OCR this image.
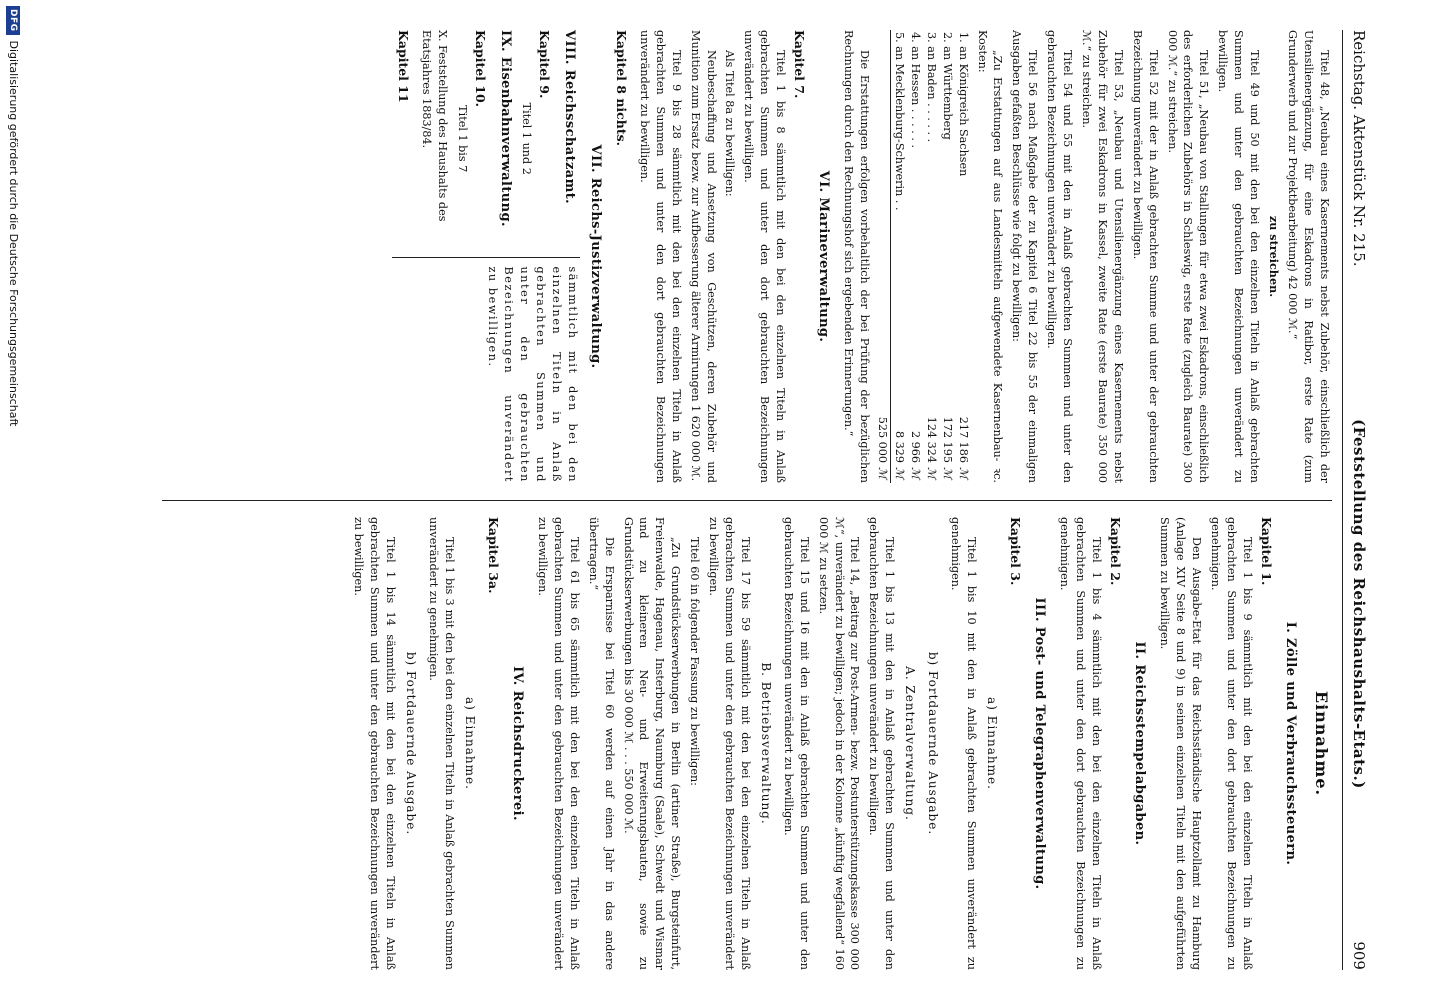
Reichstag. Aktenstück Nr. 215.
(Feststellung des Reichshaushalts-Etats.)
909

Titel 48, „Neubau eines Kasernements nebst Zubehör, einschließlich der Utensilienergänzung, für eine Eskadrons in Ratibor, erste Rate (zum Grunderwerb und zur Projektbearbeitung) 42 000 ℳ.“

zu streichen.

Titel 49 und 50 mit den bei den einzelnen Titeln in Anlaß gebrachten Summen und unter den gebrauchten Bezeichnungen unverändert zu bewilligen.

Titel 51, „Neubau von Stallungen für etwa zwei Eskadrons, einschließlich des erforderlichen Zubehörs in Schleswig, erste Rate (zugleich Baurate) 300 000 ℳ.“ zu streichen.

Titel 52 mit der in Anlaß gebrachten Summe und unter der gebrauchten Bezeichnung unverändert zu bewilligen.

Titel 53, „Neubau und Utensilienergänzung eines Kasernements nebst Zubehör für zwei Eskadrons in Kassel, zweite Rate (erste Baurate) 350 000 ℳ.“ zu streichen.

Titel 54 und 55 mit den in Anlaß gebrachten Summen und unter den gebrauchten Bezeichnungen unverändert zu bewilligen.

Titel 56 nach Maßgabe der zu Kapitel 6 Titel 22 bis 55 der einmaligen Ausgaben gefaßten Beschlüsse wie folgt zu bewilligen:

„Zu Erstattungen auf aus Landesmitteln aufgewendete Kasernenbau- ꝛc. Kosten:

1. an Königreich Sachsen	217 186	ℳ
2. an Württemberg	172 195	ℳ
3. an Baden . . . . . .	124 324	ℳ
4. an Hessen . . . . . .	2 966	ℳ
5. an Mecklenburg-Schwerin . .	8 329	ℳ
	525 000	ℳ

Die Erstattungen erfolgen vorbehaltlich der bei Prüfung der bezüglichen Rechnungen durch den Rechnungshof sich ergebenden Erinnerungen.“

VI. Marineverwaltung.
Kapitel 7.

Titel 1 bis 8 sämmtlich mit den bei den einzelnen Titeln in Anlaß gebrachten Summen und unter den dort gebrauchten Bezeichnungen unverändert zu bewilligen.

Als Titel 8a zu bewilligen:

Neubeschaffung und Ansetzung von Geschützen, deren Zubehör und Munition zum Ersatz bezw. zur Aufbesserung älterer Armirungen 1 620 000 ℳ.

Titel 9 bis 28 sämmtlich mit den bei den einzelnen Titeln in Anlaß gebrachten Summen und unter den dort gebrauchten Bezeichnungen unverändert zu bewilligen.

Kapitel 8 nichts.
VII. Reichs-Justizverwaltung.
VIII. Reichsschatzamt.
Kapitel 9.
Titel 1 und 2
IX. Eisenbahnverwaltung.
Kapitel 10.
Titel 1 bis 7
X. Feststellung des Haushalts des Etatsjahres 1883/84.
Kapitel 11
sämmtlich mit den bei den einzelnen Titeln in Anlaß gebrachten Summen und unter den gebrauchten Bezeichnungen unverändert zu bewilligen.
Einnahme.
I. Zölle und Verbrauchssteuern.
Kapitel 1.

Titel 1 bis 9 sämmtlich mit den bei den einzelnen Titeln in Anlaß gebrachten Summen und unter den dort gebrauchten Bezeichnungen zu genehmigen.

Den Ausgabe-Etat für das Reichsständische Hauptzollamt zu Hamburg (Anlage XIV Seite 8 und 9) in seinen einzelnen Titeln mit den aufgeführten Summen zu bewilligen.

II. Reichsstempelabgaben.
Kapitel 2.

Titel 1 bis 4 sämmtlich mit den bei den einzelnen Titeln in Anlaß gebrachten Summen und unter den dort gebrauchten Bezeichnungen zu genehmigen.

III. Post- und Telegraphenverwaltung.
Kapitel 3.
a) Einnahme.

Titel 1 bis 10 mit den in Anlaß gebrachten Summen unverändert zu genehmigen.

b) Fortdauernde Ausgabe.
A. Zentralverwaltung.

Titel 1 bis 13 mit den in Anlaß gebrachten Summen und unter den gebrauchten Bezeichnungen unverändert zu bewilligen.

Titel 14, „Beitrag zur Post-Armen- bezw. Postunterstützungskasse 300 000 ℳ“, unverändert zu bewilligen; jedoch in der Kolonne „künftig wegfallend“ 160 000 ℳ zu setzen.

Titel 15 und 16 mit den in Anlaß gebrachten Summen und unter den gebrauchten Bezeichnungen unverändert zu bewilligen.

B. Betriebsverwaltung.

Titel 17 bis 59 sämmtlich mit den bei den einzelnen Titeln in Anlaß gebrachten Summen und unter den gebrauchten Bezeichnungen unverändert zu bewilligen.

Titel 60 in folgender Fassung zu bewilligen:

„Zu Grundstückserwerbungen in Berlin (artiner Straße), Burgsteinfurt, Freienwalde, Hagenau, Insterburg, Naumburg (Saale), Schwedt und Wismar und zu kleineren Neu- und Erweiterungsbauten, sowie zu Grundstückserwerbungen bis 30 000 ℳ . . . 550 000 ℳ.

Die Ersparnisse bei Titel 60 werden auf einen Jahr in das andere übertragen.“

Titel 61 bis 65 sämmtlich mit den bei den einzelnen Titeln in Anlaß gebrachten Summen und unter den gebrauchten Bezeichnungen unverändert zu bewilligen.

IV. Reichsdruckerei.
Kapitel 3a.
a) Einnahme.

Titel 1 bis 3 mit den bei den einzelnen Titeln in Anlaß gebrachten Summen unverändert zu genehmigen.

b) Fortdauernde Ausgabe.

Titel 1 bis 14 sämmtlich mit den bei den einzelnen Titeln in Anlaß gebrachten Summen und unter den gebrauchten Bezeichnungen unverändert zu bewilligen.

DFG
Digitalisierung gefördert durch die Deutsche Forschungsgemeinschaft
